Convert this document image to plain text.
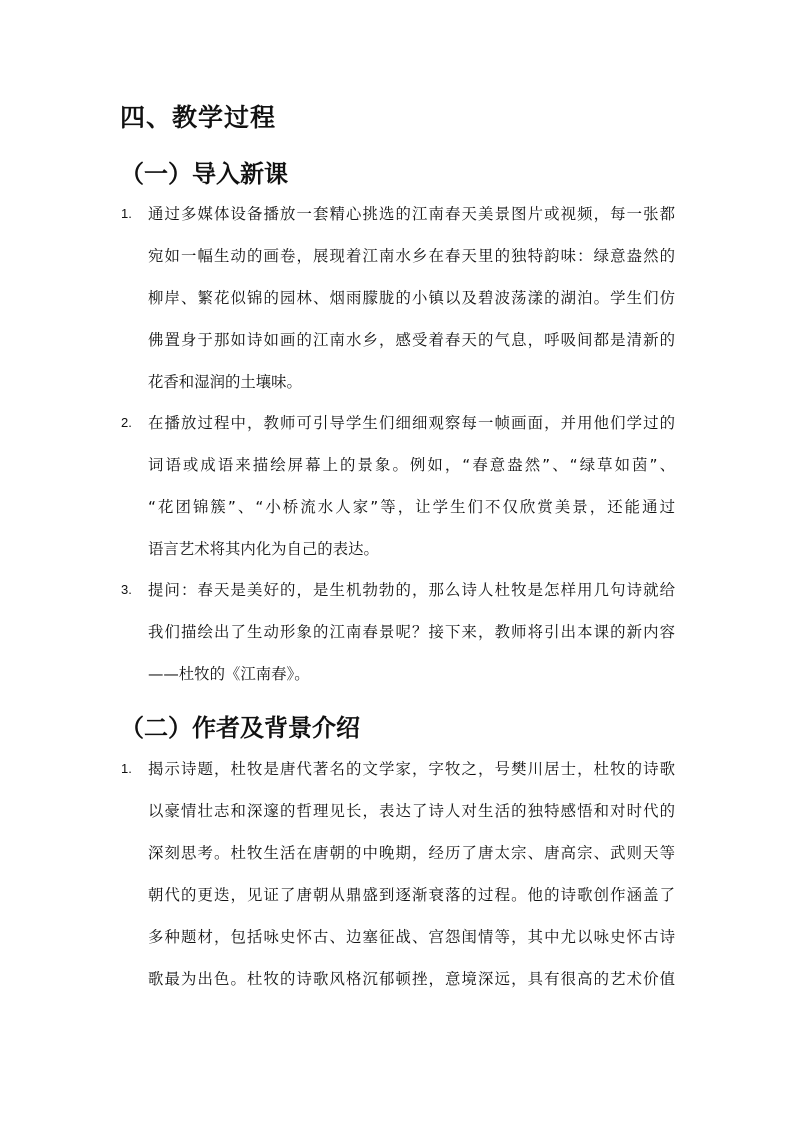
四、教学过程
（一）导入新课
1.	通过多媒体设备播放一套精心挑选的江南春天美景图片或视频，每一张都
宛如一幅生动的画卷，展现着江南水乡在春天里的独特韵味：绿意盎然的
柳岸、繁花似锦的园林、烟雨朦胧的小镇以及碧波荡漾的湖泊。学生们仿
佛置身于那如诗如画的江南水乡，感受着春天的气息，呼吸间都是清新的
花香和湿润的土壤味。
2.	在播放过程中，教师可引导学生们细细观察每一帧画面，并用他们学过的
词语或成语来描绘屏幕上的景象。例如，“春意盎然”、“绿草如茵”、
“花团锦簇”、“小桥流水人家”等，让学生们不仅欣赏美景，还能通过
语言艺术将其内化为自己的表达。
3.	提问：春天是美好的，是生机勃勃的，那么诗人杜牧是怎样用几句诗就给
我们描绘出了生动形象的江南春景呢？接下来，教师将引出本课的新内容
——杜牧的《江南春》。
（二）作者及背景介绍
1.	揭示诗题，杜牧是唐代著名的文学家，字牧之，号樊川居士，杜牧的诗歌
以豪情壮志和深邃的哲理见长，表达了诗人对生活的独特感悟和对时代的
深刻思考。杜牧生活在唐朝的中晚期，经历了唐太宗、唐高宗、武则天等
朝代的更迭，见证了唐朝从鼎盛到逐渐衰落的过程。他的诗歌创作涵盖了
多种题材，包括咏史怀古、边塞征战、宫怨闺情等，其中尤以咏史怀古诗
歌最为出色。杜牧的诗歌风格沉郁顿挫，意境深远，具有很高的艺术价值
